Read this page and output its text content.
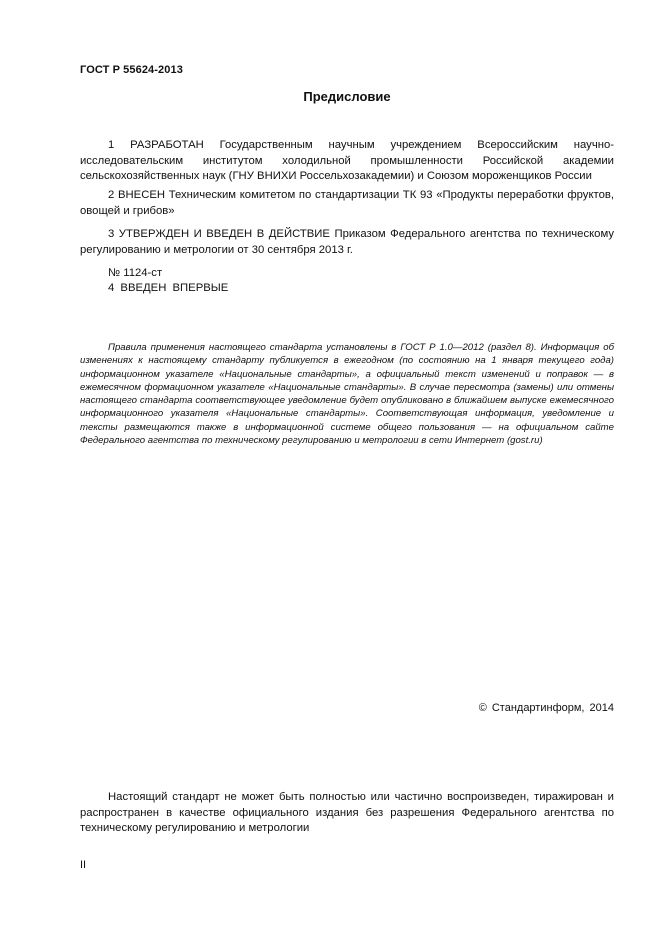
ГОСТ Р 55624-2013
Предисловие

1 РАЗРАБОТАН Государственным научным учреждением Всероссийским научно-исследовательским институтом холодильной промышленности Российской академии сельскохозяйственных наук (ГНУ ВНИХИ Россельхозакадемии) и Союзом мороженщиков России

2 ВНЕСЕН Техническим комитетом по стандартизации ТК 93 «Продукты переработки фруктов, овощей и грибов»

3 УТВЕРЖДЕН И ВВЕДЕН В ДЕЙСТВИЕ Приказом Федерального агентства по техническому регулированию и метрологии от 30 сентября 2013 г.

№ 1124-ст

4 ВВЕДЕН ВПЕРВЫЕ

Правила применения настоящего стандарта установлены в ГОСТ Р 1.0—2012 (раздел 8). Информация об изменениях к настоящему стандарту публикуется в ежегодном (по состоянию на 1 января текущего года) информационном указателе «Национальные стандарты», а официальный текст изменений и поправок — в ежемесячном формационном указателе «Национальные стандарты». В случае пересмотра (замены) или отмены настоящего стандарта соответствующее уведомление будет опубликовано в ближайшем выпуске ежемесячного информационного указателя «Национальные стандарты». Соответствующая информация, уведомление и тексты размещаются также в информационной системе общего пользования — на официальном сайте Федерального агентства по техническому регулированию и метрологии в сети Интернет (gost.ru)

© Стандартинформ, 2014

Настоящий стандарт не может быть полностью или частично воспроизведен, тиражирован и распространен в качестве официального издания без разрешения Федерального агентства по техническому регулированию и метрологии

II
